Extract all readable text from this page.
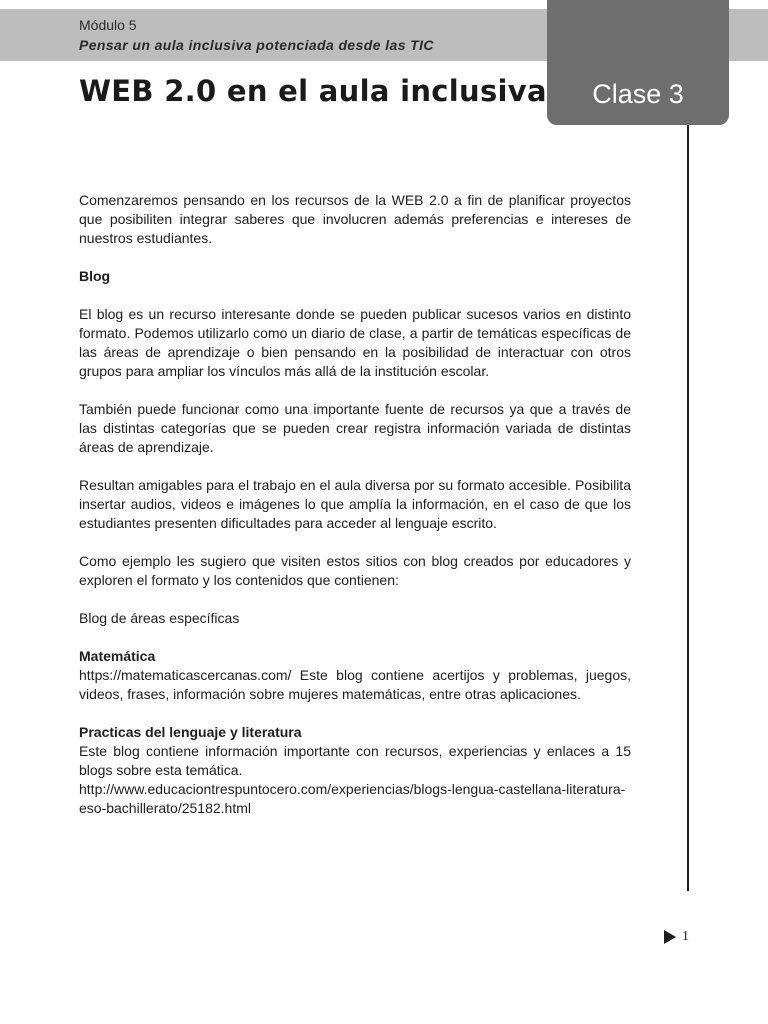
Módulo 5
Pensar un aula inclusiva potenciada desde las TIC
Clase 3
WEB 2.0 en el aula inclusiva

Comenzaremos pensando en los recursos de la WEB 2.0 a fin de planificar proyectos que posibiliten integrar saberes que involucren además preferencias e intereses de nuestros estudiantes.

Blog

El blog es un recurso interesante donde se pueden publicar sucesos varios en distinto formato. Podemos utilizarlo como un diario de clase, a partir de temáticas específicas de las áreas de aprendizaje o bien pensando en la posibilidad de interactuar con otros grupos para ampliar los vínculos más allá de la institución escolar.

También puede funcionar como una importante fuente de recursos ya que a través de las distintas categorías que se pueden crear registra información variada de distintas áreas de aprendizaje.

Resultan amigables para el trabajo en el aula diversa por su formato accesible. Posibilita insertar audios, videos e imágenes lo que amplía la información, en el caso de que los estudiantes presenten dificultades para acceder al lenguaje escrito.

Como ejemplo les sugiero que visiten estos sitios con blog creados por educadores y exploren el formato y los contenidos que contienen:

Blog de áreas específicas

Matemática

https://matematicascercanas.com/ Este blog contiene acertijos y problemas, juegos, videos, frases, información sobre mujeres matemáticas, entre otras aplicaciones.

Practicas del lenguaje y literatura

Este blog contiene información importante con recursos, experiencias y enlaces a 15 blogs sobre esta temática.

http://www.educaciontrespuntocero.com/experiencias/blogs-lengua-castellana-literatura-eso-bachillerato/25182.html

1
